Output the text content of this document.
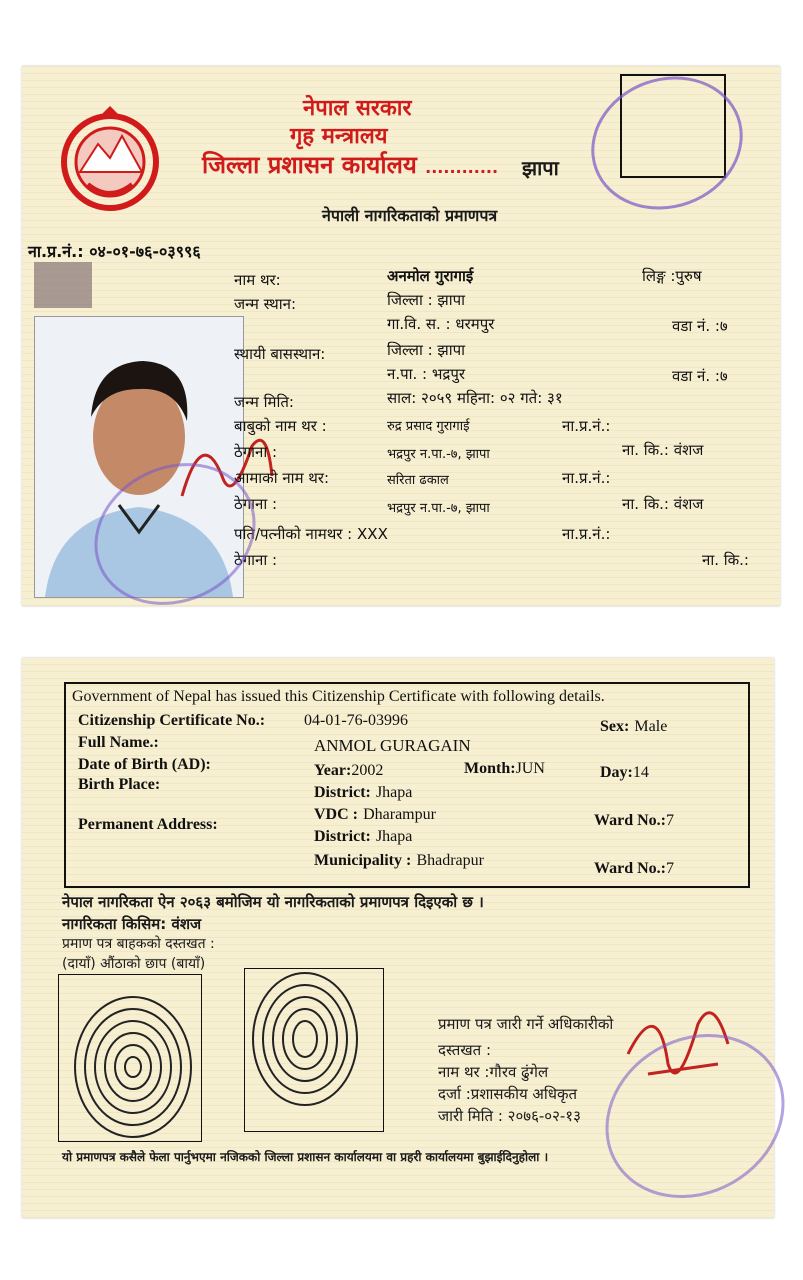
नेपाल सरकार
गृह मन्त्रालय
जिल्ला प्रशासन कार्यालय ............ झापा
नेपाली नागरिकताको प्रमाणपत्र
ना.प्र.नं.: ०४-०१-७६-०३९९६
नाम थर:	अनमोल गुरागाई	लिङ्ग :पुरुष
जन्म स्थान:	जिल्ला : झापा
गा.वि. स. : धरमपुर	वडा नं. :७
स्थायी बासस्थान:	जिल्ला : झापा
न.पा. : भद्रपुर	वडा नं. :७
जन्म मिति:	साल: २०५९ महिना: ०२ गते: ३१
बाबुको नाम थर :	रुद्र प्रसाद गुरागाई	ना.प्र.नं.:
ठेगाना :	भद्रपुर न.पा.-७, झापा	ना. कि.: वंशज
आमाको नाम थर:	सरिता ढकाल	ना.प्र.नं.:
ठेगाना :	भद्रपुर न.पा.-७, झापा	ना. कि.: वंशज
पति/पत्नीको नामथर : XXX	ना.प्र.नं.:
ठेगाना :	ना. कि.:
Government of Nepal has issued this Citizenship Certificate with following details.
Citizenship Certificate No.: 04-01-76-03996	Sex: Male
Full Name.:	ANMOL GURAGAIN
Date of Birth (AD):	Year:2002	Month:JUN	Day:14
Birth Place:	District: Jhapa
VDC : Dharampur	Ward No.:7
Permanent Address:
District: Jhapa
Municipality : Bhadrapur	Ward No.:7
नेपाल नागरिकता ऐन २०६३ बमोजिम यो नागरिकताको प्रमाणपत्र दिइएको छ ।
नागरिकता किसिम: वंशज
प्रमाण पत्र बाहकको दस्तखत :
(दायाँ) औंठाको छाप (बायाँ)
प्रमाण पत्र जारी गर्ने अधिकारीको
दस्तखत :
नाम थर :गौरव ढुंगेल
दर्जा :प्रशासकीय अधिकृत
जारी मिति : २०७६-०२-१३
यो प्रमाणपत्र कसैले फेला पार्नुभएमा नजिकको जिल्ला प्रशासन कार्यालयमा वा प्रहरी कार्यालयमा बुझाईदिनुहोला ।
